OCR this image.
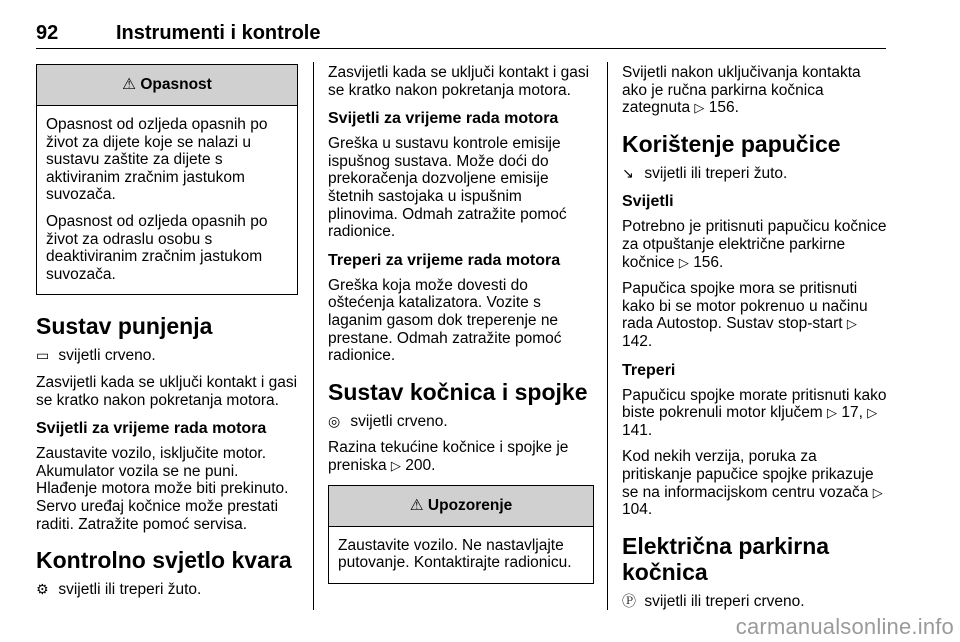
92	Instrumenti i kontrole
⚠ Opasnost

Opasnost od ozljeda opasnih po život za dijete koje se nalazi u sustavu zaštite za dijete s aktiviranim zračnim jastukom suvozača.

Opasnost od ozljeda opasnih po život za odraslu osobu s deaktiviranim zračnim jastukom suvozača.

Sustav punjenja

▭ svijetli crveno.

Zasvijetli kada se uključi kontakt i gasi se kratko nakon pokretanja motora.

Svijetli za vrijeme rada motora

Zaustavite vozilo, isključite motor. Akumulator vozila se ne puni. Hlađenje motora može biti prekinuto. Servo uređaj kočnice može prestati raditi. Zatražite pomoć servisa.

Kontrolno svjetlo kvara

⚙ svijetli ili treperi žuto.

Zasvijetli kada se uključi kontakt i gasi se kratko nakon pokretanja motora.

Svijetli za vrijeme rada motora

Greška u sustavu kontrole emisije ispušnog sustava. Može doći do prekoračenja dozvoljene emisije štetnih sastojaka u ispušnim plinovima. Odmah zatražite pomoć radionice.

Treperi za vrijeme rada motora

Greška koja može dovesti do oštećenja katalizatora. Vozite s laganim gasom dok treperenje ne prestane. Odmah zatražite pomoć radionice.

Sustav kočnica i spojke

◎ svijetli crveno.

Razina tekućine kočnice i spojke je preniska ▷ 200.

⚠ Upozorenje

Zaustavite vozilo. Ne nastavljajte putovanje. Kontaktirajte radionicu.

Svijetli nakon uključivanja kontakta ako je ručna parkirna kočnica zategnuta ▷ 156.

Korištenje papučice

↘ svijetli ili treperi žuto.

Svijetli

Potrebno je pritisnuti papučicu kočnice za otpuštanje električne parkirne kočnice ▷ 156.

Papučica spojke mora se pritisnuti kako bi se motor pokrenuo u načinu rada Autostop. Sustav stop-start ▷ 142.

Treperi

Papučicu spojke morate pritisnuti kako biste pokrenuli motor ključem ▷ 17, ▷ 141.

Kod nekih verzija, poruka za pritiskanje papučice spojke prikazuje se na informacijskom centru vozača ▷ 104.

Električna parkirna kočnica

Ⓟ svijetli ili treperi crveno.

carmanualsonline.info
